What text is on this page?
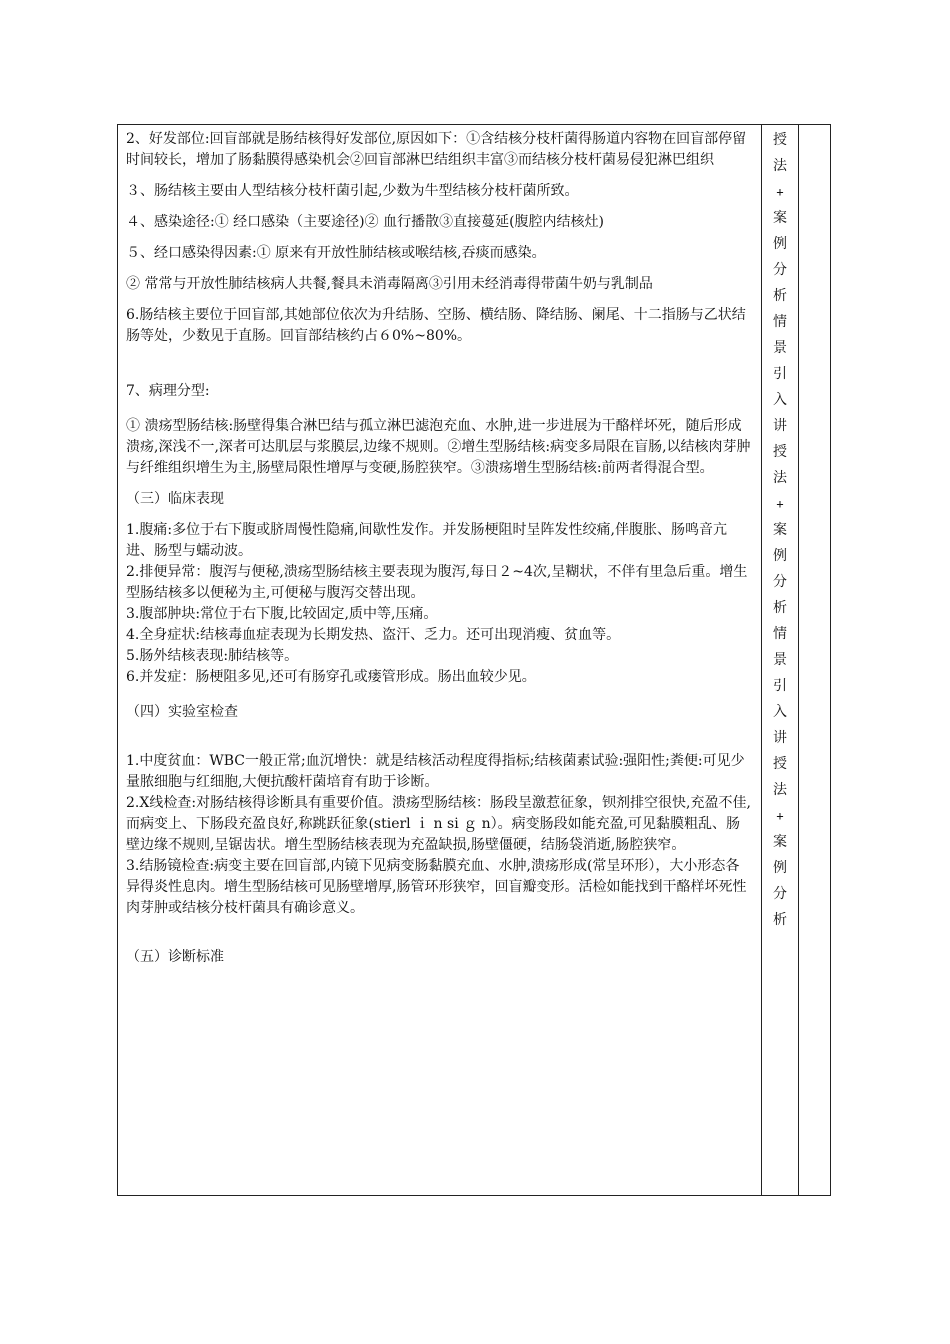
2、好发部位:回盲部就是肠结核得好发部位,原因如下：①含结核分枝杆菌得肠道内容物在回盲部停留时间较长，增加了肠黏膜得感染机会②回盲部淋巴结组织丰富③而结核分枝杆菌易侵犯淋巴组织

３、肠结核主要由人型结核分枝杆菌引起,少数为牛型结核分枝杆菌所致。

４、感染途径:① 经口感染（主要途径)② 血行播散③直接蔓延(腹腔内结核灶)

５、经口感染得因素:① 原来有开放性肺结核或喉结核,吞痰而感染。

② 常常与开放性肺结核病人共餐,餐具未消毒隔离③引用未经消毒得带菌牛奶与乳制品

6.肠结核主要位于回盲部,其她部位依次为升结肠、空肠、横结肠、降结肠、阑尾、十二指肠与乙状结肠等处，少数见于直肠。回盲部结核约占６0%~80%。

7、病理分型:

① 溃疡型肠结核:肠壁得集合淋巴结与孤立淋巴滤泡充血、水肿,进一步进展为干酪样坏死，随后形成溃疡,深浅不一,深者可达肌层与浆膜层,边缘不规则。②增生型肠结核:病变多局限在盲肠,以结核肉芽肿与纤维组织增生为主,肠壁局限性增厚与变硬,肠腔狭窄。③溃疡增生型肠结核:前两者得混合型。

（三）临床表现

1.腹痛:多位于右下腹或脐周慢性隐痛,间歇性发作。并发肠梗阻时呈阵发性绞痛,伴腹胀、肠鸣音亢进、肠型与蠕动波。

2.排便异常：腹泻与便秘,溃疡型肠结核主要表现为腹泻,每日２~4次,呈糊状，不伴有里急后重。增生型肠结核多以便秘为主,可便秘与腹泻交替出现。

3.腹部肿块:常位于右下腹,比较固定,质中等,压痛。

4.全身症状:结核毒血症表现为长期发热、盗汗、乏力。还可出现消瘦、贫血等。

5.肠外结核表现:肺结核等。

6.并发症：肠梗阻多见,还可有肠穿孔或瘘管形成。肠出血较少见。

（四）实验室检查

1.中度贫血：WBC一般正常;血沉增快：就是结核活动程度得指标;结核菌素试验:强阳性;粪便:可见少量脓细胞与红细胞,大便抗酸杆菌培育有助于诊断。

2.X线检查:对肠结核得诊断具有重要价值。溃疡型肠结核：肠段呈激惹征象，钡剂排空很快,充盈不佳,而病变上、下肠段充盈良好,称跳跃征象(stierl ｉ n si ｇ n）。病变肠段如能充盈,可见黏膜粗乱、肠壁边缘不规则,呈锯齿状。增生型肠结核表现为充盈缺损,肠壁僵硬，结肠袋消逝,肠腔狭窄。

3.结肠镜检查:病变主要在回盲部,内镜下见病变肠黏膜充血、水肿,溃疡形成(常呈环形），大小形态各异得炎性息肉。增生型肠结核可见肠壁增厚,肠管环形狭窄，回盲瓣变形。活检如能找到干酪样坏死性肉芽肿或结核分枝杆菌具有确诊意义。

（五）诊断标准

授
法
+
案
例
分
析
情
景
引
入
讲
授
法
+
案
例
分
析
情
景
引
入
讲
授
法
+
案
例
分
析
